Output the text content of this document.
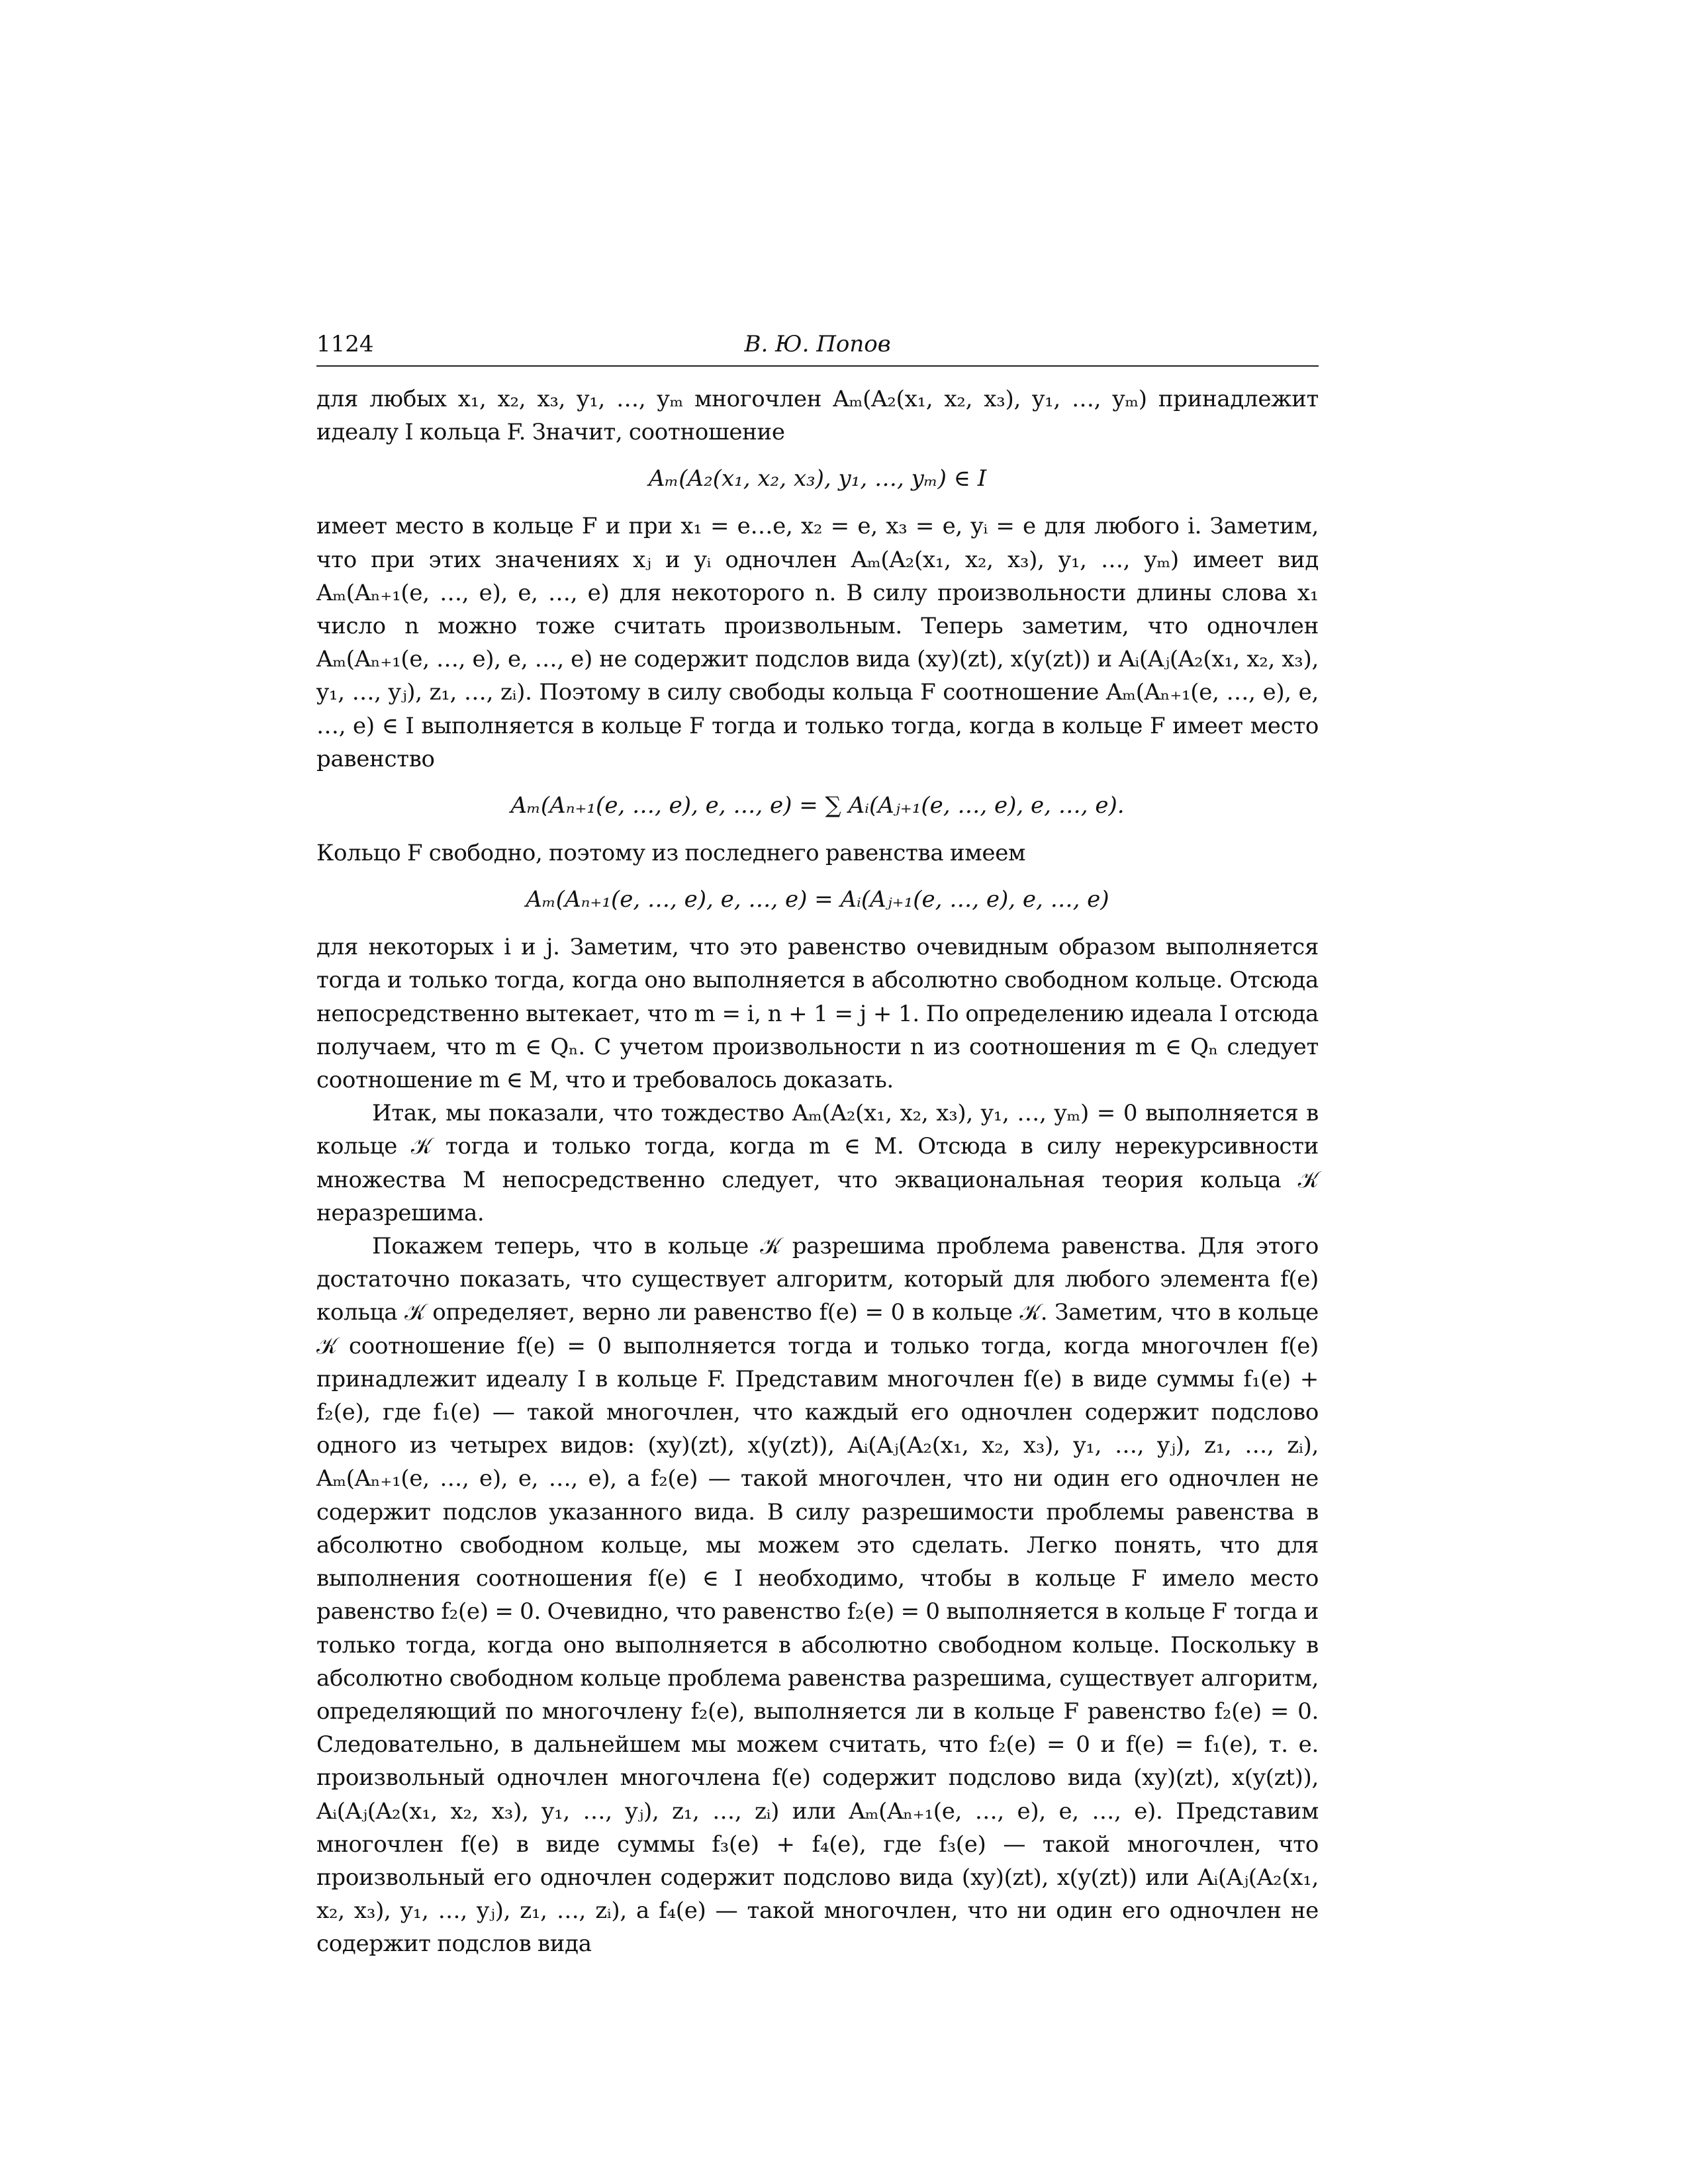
1124	В. Ю. Попов

для любых x₁, x₂, x₃, y₁, …, yₘ многочлен Aₘ(A₂(x₁, x₂, x₃), y₁, …, yₘ) принадлежит идеалу I кольца F. Значит, соотношение

Aₘ(A₂(x₁, x₂, x₃), y₁, …, yₘ) ∈ I

имеет место в кольце F и при x₁ = e…e, x₂ = e, x₃ = e, yᵢ = e для любого i. Заметим, что при этих значениях xⱼ и yᵢ одночлен Aₘ(A₂(x₁, x₂, x₃), y₁, …, yₘ) имеет вид Aₘ(Aₙ₊₁(e, …, e), e, …, e) для некоторого n. В силу произвольности длины слова x₁ число n можно тоже считать произвольным. Теперь заметим, что одночлен Aₘ(Aₙ₊₁(e, …, e), e, …, e) не содержит подслов вида (xy)(zt), x(y(zt)) и Aᵢ(Aⱼ(A₂(x₁, x₂, x₃), y₁, …, yⱼ), z₁, …, zᵢ). Поэтому в силу свободы кольца F соотношение Aₘ(Aₙ₊₁(e, …, e), e, …, e) ∈ I выполняется в кольце F тогда и только тогда, когда в кольце F имеет место равенство

Aₘ(Aₙ₊₁(e, …, e), e, …, e) = ∑ Aᵢ(Aⱼ₊₁(e, …, e), e, …, e).

Кольцо F свободно, поэтому из последнего равенства имеем

Aₘ(Aₙ₊₁(e, …, e), e, …, e) = Aᵢ(Aⱼ₊₁(e, …, e), e, …, e)

для некоторых i и j. Заметим, что это равенство очевидным образом выполняется тогда и только тогда, когда оно выполняется в абсолютно свободном кольце. Отсюда непосредственно вытекает, что m = i, n + 1 = j + 1. По определению идеала I отсюда получаем, что m ∈ Qₙ. С учетом произвольности n из соотношения m ∈ Qₙ следует соотношение m ∈ M, что и требовалось доказать.

Итак, мы показали, что тождество Aₘ(A₂(x₁, x₂, x₃), y₁, …, yₘ) = 0 выполняется в кольце 𝒦 тогда и только тогда, когда m ∈ M. Отсюда в силу нерекурсивности множества M непосредственно следует, что эквациональная теория кольца 𝒦 неразрешима.

Покажем теперь, что в кольце 𝒦 разрешима проблема равенства. Для этого достаточно показать, что существует алгоритм, который для любого элемента f(e) кольца 𝒦 определяет, верно ли равенство f(e) = 0 в кольце 𝒦. Заметим, что в кольце 𝒦 соотношение f(e) = 0 выполняется тогда и только тогда, когда многочлен f(e) принадлежит идеалу I в кольце F. Представим многочлен f(e) в виде суммы f₁(e) + f₂(e), где f₁(e) — такой многочлен, что каждый его одночлен содержит подслово одного из четырех видов: (xy)(zt), x(y(zt)), Aᵢ(Aⱼ(A₂(x₁, x₂, x₃), y₁, …, yⱼ), z₁, …, zᵢ), Aₘ(Aₙ₊₁(e, …, e), e, …, e), а f₂(e) — такой многочлен, что ни один его одночлен не содержит подслов указанного вида. В силу разрешимости проблемы равенства в абсолютно свободном кольце, мы можем это сделать. Легко понять, что для выполнения соотношения f(e) ∈ I необходимо, чтобы в кольце F имело место равенство f₂(e) = 0. Очевидно, что равенство f₂(e) = 0 выполняется в кольце F тогда и только тогда, когда оно выполняется в абсолютно свободном кольце. Поскольку в абсолютно свободном кольце проблема равенства разрешима, существует алгоритм, определяющий по многочлену f₂(e), выполняется ли в кольце F равенство f₂(e) = 0. Следовательно, в дальнейшем мы можем считать, что f₂(e) = 0 и f(e) = f₁(e), т. е. произвольный одночлен многочлена f(e) содержит подслово вида (xy)(zt), x(y(zt)), Aᵢ(Aⱼ(A₂(x₁, x₂, x₃), y₁, …, yⱼ), z₁, …, zᵢ) или Aₘ(Aₙ₊₁(e, …, e), e, …, e). Представим многочлен f(e) в виде суммы f₃(e) + f₄(e), где f₃(e) — такой многочлен, что произвольный его одночлен содержит подслово вида (xy)(zt), x(y(zt)) или Aᵢ(Aⱼ(A₂(x₁, x₂, x₃), y₁, …, yⱼ), z₁, …, zᵢ), а f₄(e) — такой многочлен, что ни один его одночлен не содержит подслов вида
